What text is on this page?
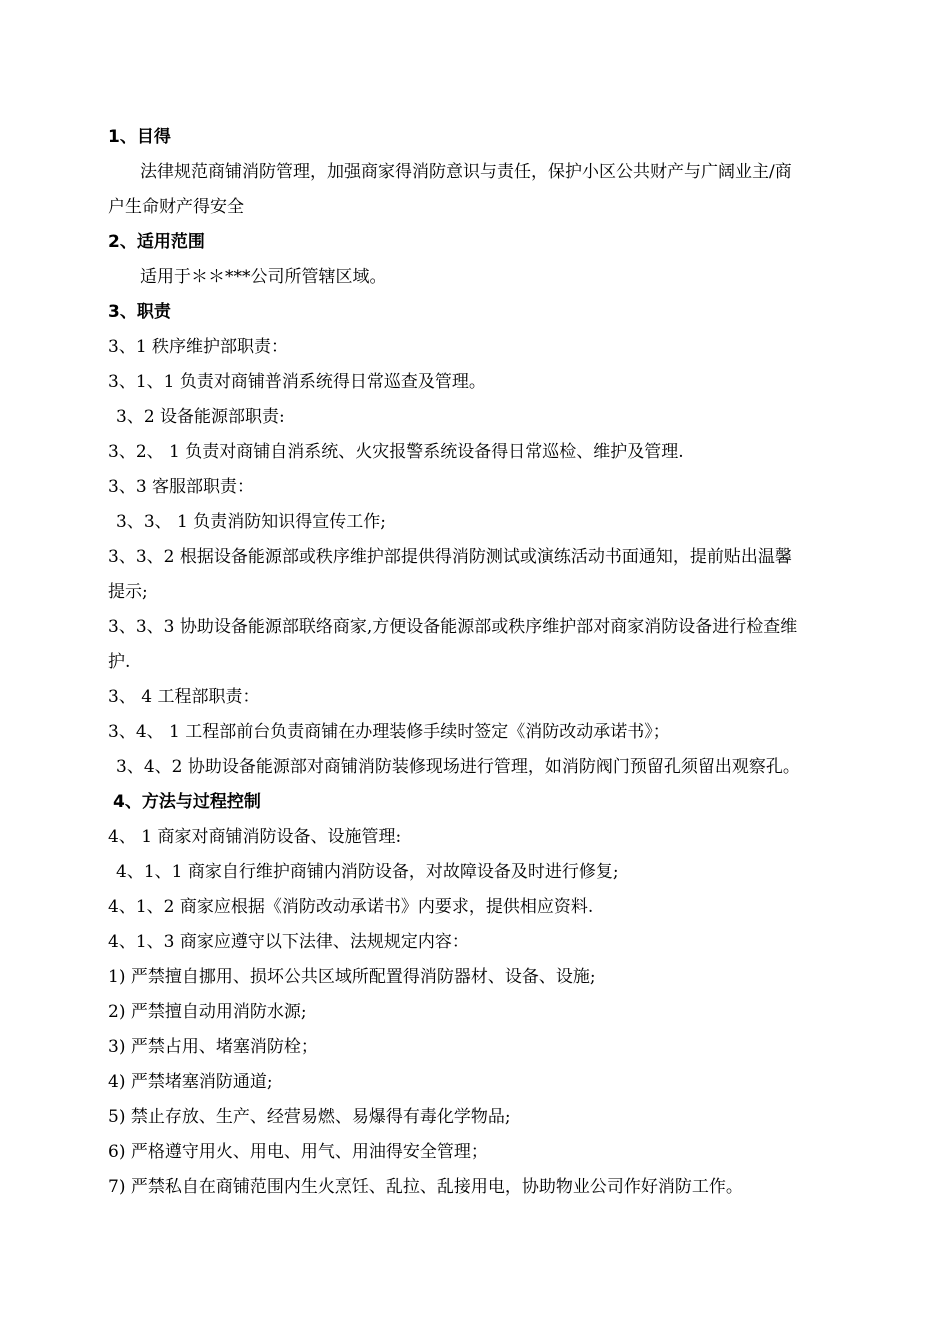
1、目得
法律规范商铺消防管理，加强商家得消防意识与责任，保护小区公共财产与广阔业主/商
户生命财产得安全
2、适用范围
适用于＊＊***公司所管辖区域。
3、职责
3、1 秩序维护部职责：
3、1、1 负责对商铺普消系统得日常巡查及管理。
3、2 设备能源部职责:
3、2、 1 负责对商铺自消系统、火灾报警系统设备得日常巡检、维护及管理.
3、3 客服部职责：
3、3、 1 负责消防知识得宣传工作;
3、3、2 根据设备能源部或秩序维护部提供得消防测试或演练活动书面通知，提前贴出温馨
提示;
3、3、3 协助设备能源部联络商家,方便设备能源部或秩序维护部对商家消防设备进行检查维
护.
3、 4 工程部职责：
3、4、 1 工程部前台负责商铺在办理装修手续时签定《消防改动承诺书》；
3、4、2 协助设备能源部对商铺消防装修现场进行管理，如消防阀门预留孔须留出观察孔。
4、方法与过程控制
4、 1 商家对商铺消防设备、设施管理:
4、1、1 商家自行维护商铺内消防设备，对故障设备及时进行修复;
4、1、2 商家应根据《消防改动承诺书》内要求，提供相应资料.
4、1、3 商家应遵守以下法律、法规规定内容：
1) 严禁擅自挪用、损坏公共区域所配置得消防器材、设备、设施;
2) 严禁擅自动用消防水源;
3) 严禁占用、堵塞消防栓；
4) 严禁堵塞消防通道;
5) 禁止存放、生产、经营易燃、易爆得有毒化学物品;
6) 严格遵守用火、用电、用气、用油得安全管理；
7) 严禁私自在商铺范围内生火烹饪、乱拉、乱接用电，协助物业公司作好消防工作。
